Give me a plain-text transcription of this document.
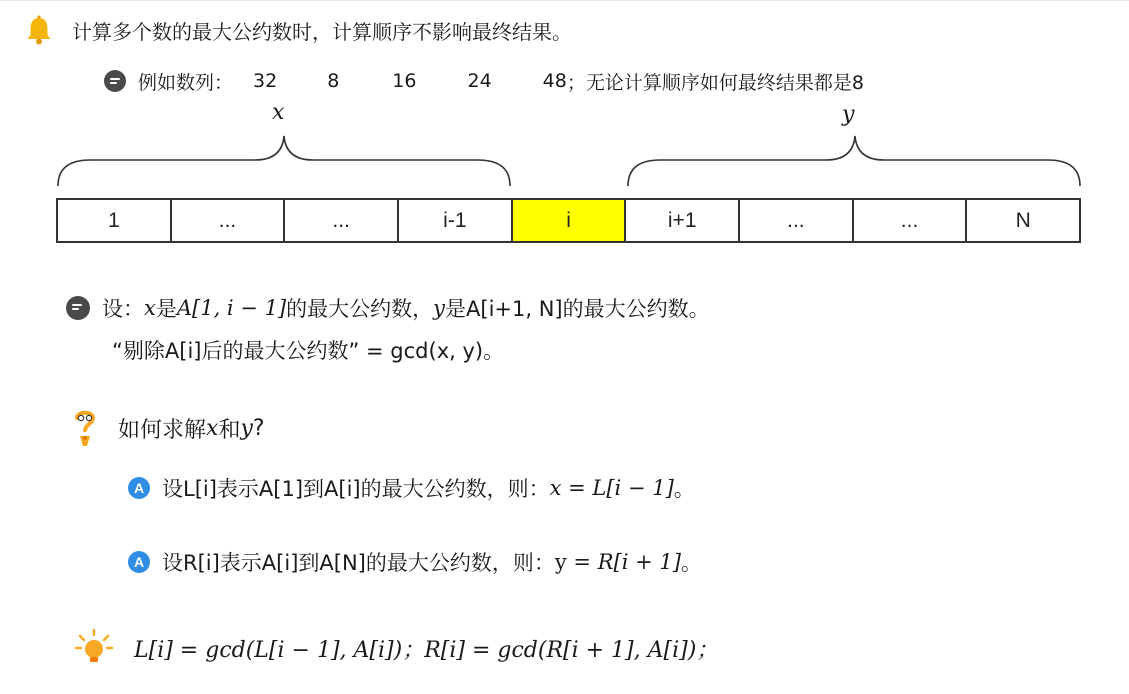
计算多个数的最大公约数时，计算顺序不影响最终结果。
例如数列： 32	8	16	24	48 ；无论计算顺序如何最终结果都是8
x	y
1	...	...	i-1	i	i+1	...	...	N
设： x 是 A[1, i − 1] 的最大公约数， y 是 A[i+1, N]的最大公约数。
“剔除A[i]后的最大公约数” = gcd(x, y)。
如何求解 x 和 y ?
A 设L[i]表示A[1]到A[i]的最大公约数，则： x = L[i − 1] 。
A 设R[i]表示A[i]到A[N]的最大公约数，则： y = R[i + 1] 。
L[i] = gcd(L[i − 1], A[i])；R[i] = gcd(R[i + 1], A[i])；
